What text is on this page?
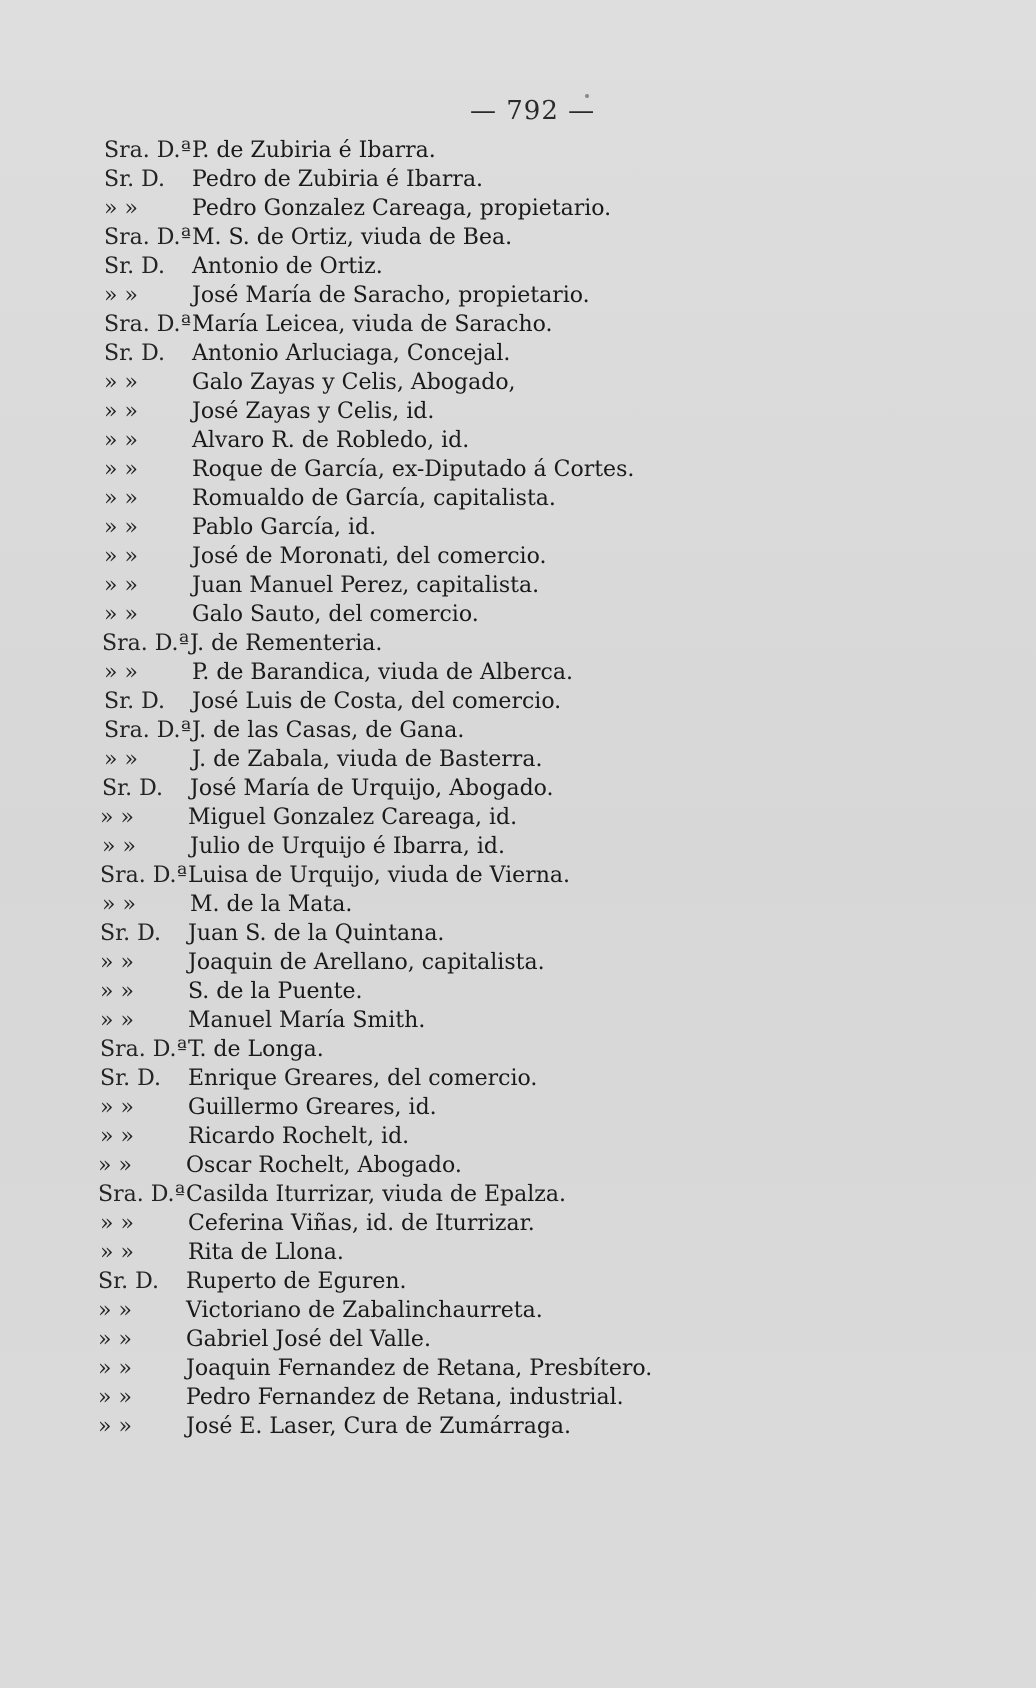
— 792 —
Sra. D.ªP. de Zubiria é Ibarra.
Sr. D. Pedro de Zubiria é Ibarra.
» » Pedro Gonzalez Careaga, propietario.
Sra. D.ªM. S. de Ortiz, viuda de Bea.
Sr. D. Antonio de Ortiz.
» » José María de Saracho, propietario.
Sra. D.ªMaría Leicea, viuda de Saracho.
Sr. D. Antonio Arluciaga, Concejal.
» » Galo Zayas y Celis, Abogado,
» » José Zayas y Celis, id.
» » Alvaro R. de Robledo, id.
» » Roque de García, ex-Diputado á Cortes.
» » Romualdo de García, capitalista.
» » Pablo García, id.
» » José de Moronati, del comercio.
» » Juan Manuel Perez, capitalista.
» » Galo Sauto, del comercio.
Sra. D.ªJ. de Rementeria.
» » P. de Barandica, viuda de Alberca.
Sr. D. José Luis de Costa, del comercio.
Sra. D.ªJ. de las Casas, de Gana.
» » J. de Zabala, viuda de Basterra.
Sr. D. José María de Urquijo, Abogado.
» » Miguel Gonzalez Careaga, id.
» » Julio de Urquijo é Ibarra, id.
Sra. D.ªLuisa de Urquijo, viuda de Vierna.
» » M. de la Mata.
Sr. D. Juan S. de la Quintana.
» » Joaquin de Arellano, capitalista.
» » S. de la Puente.
» » Manuel María Smith.
Sra. D.ªT. de Longa.
Sr. D. Enrique Greares, del comercio.
» » Guillermo Greares, id.
» » Ricardo Rochelt, id.
» » Oscar Rochelt, Abogado.
Sra. D.ªCasilda Iturrizar, viuda de Epalza.
» » Ceferina Viñas, id. de Iturrizar.
» » Rita de Llona.
Sr. D. Ruperto de Eguren.
» » Victoriano de Zabalinchaurreta.
» » Gabriel José del Valle.
» » Joaquin Fernandez de Retana, Presbítero.
» » Pedro Fernandez de Retana, industrial.
» » José E. Laser, Cura de Zumárraga.
